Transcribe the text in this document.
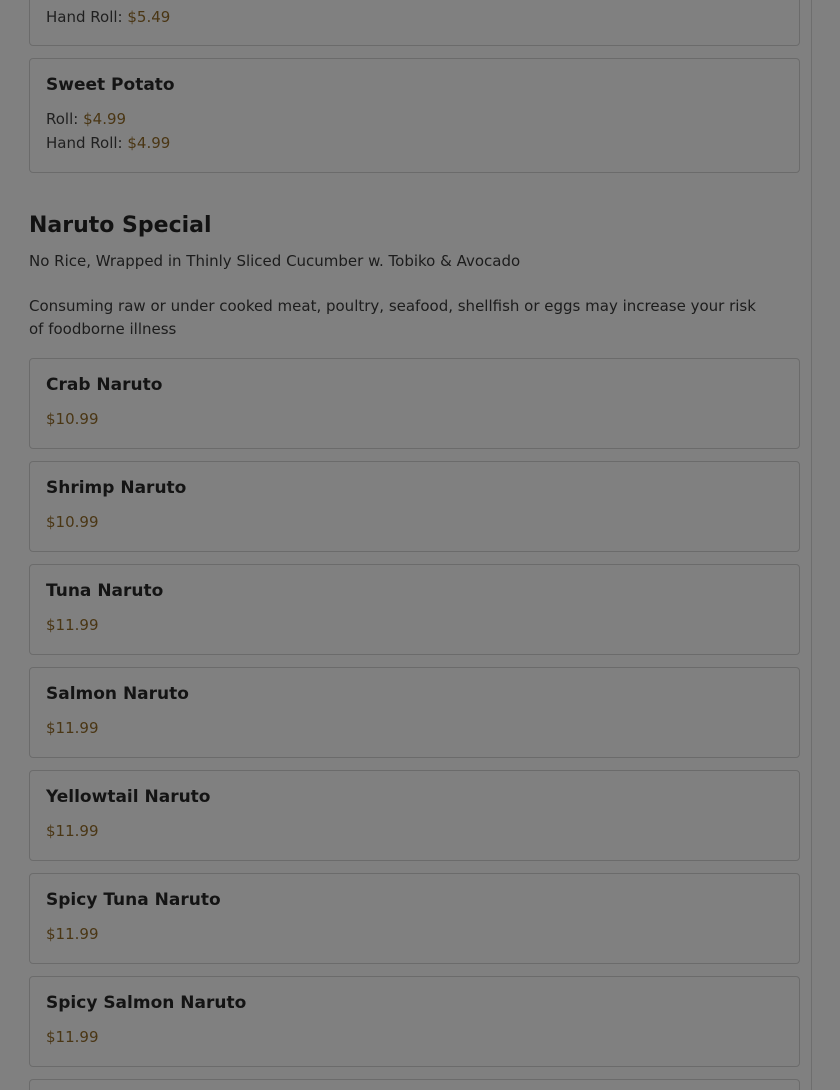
Hand Roll: $5.49
Sweet Potato
Roll: $4.99
Hand Roll: $4.99
Naruto Special
No Rice, Wrapped in Thinly Sliced Cucumber w. Tobiko & Avocado
Consuming raw or under cooked meat, poultry, seafood, shellfish or eggs may increase your risk of foodborne illness
Crab Naruto
$10.99
Shrimp Naruto
$10.99
Tuna Naruto
$11.99
Salmon Naruto
$11.99
Yellowtail Naruto
$11.99
Spicy Tuna Naruto
$11.99
Spicy Salmon Naruto
$11.99
